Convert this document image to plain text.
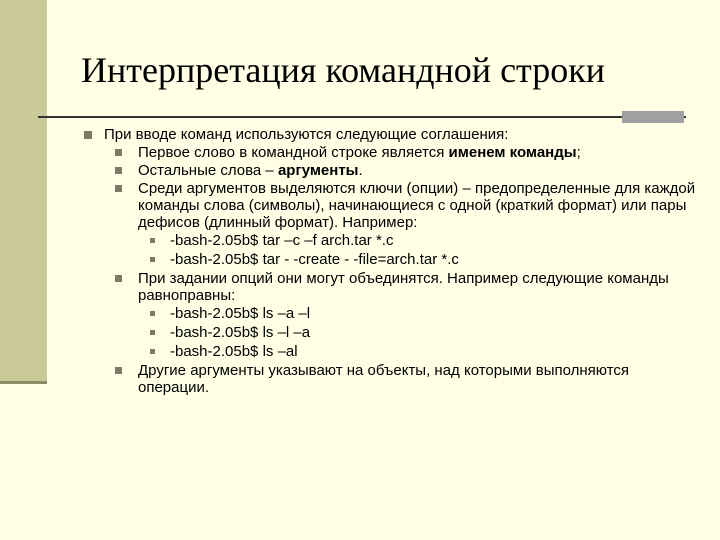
Интерпретация командной строки
При вводе команд используются следующие соглашения:
Первое слово в командной строке является именем команды;
Остальные слова – аргументы.
Среди аргументов выделяются ключи (опции) – предопределенные для каждой команды слова (символы), начинающиеся с одной (краткий формат) или пары дефисов (длинный формат). Например:
-bash-2.05b$ tar –c –f arch.tar *.c
-bash-2.05b$ tar - -create - -file=arch.tar *.c
При задании опций они могут объединятся. Например следующие команды равноправны:
-bash-2.05b$ ls –a –l
-bash-2.05b$ ls –l –a
-bash-2.05b$ ls –al
Другие аргументы указывают на объекты, над которыми выполняются операции.
